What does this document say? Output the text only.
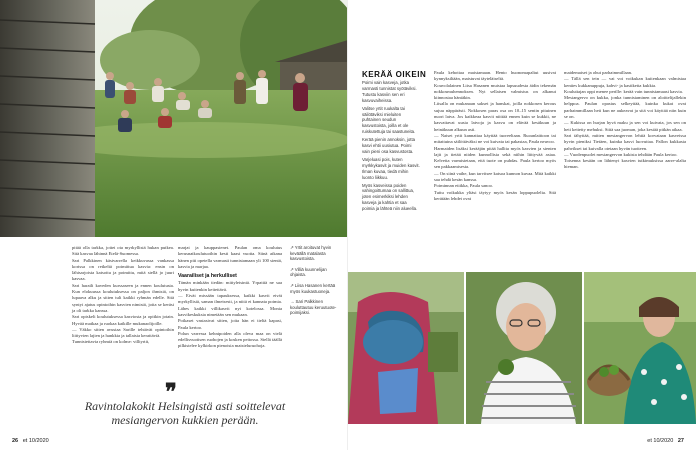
pitää olla tarkka, jottei ota myrkyllistä hukan putkea. Sitä kasvaa lähinnä Etelä-Suomessa.

Sari Palkkinen käsivarrella keikkuvassa vankassa korissa on retkeltä poimittua kasvia: ensin on lähisarjoista katsottu ja poimittu, mitä siellä jo juuri kasvaa.

Sari haraili kaveden kurssaseen ja ennen koulutusta. Kun elokuussa koulutuksessa on paljon ihmisiä, on lupaava alku ja sitten tuli kaikki ryhmän edelle. Sitä syntyi ajatus opintoihin kasvien nimistä, joita se keräsi ja oli tarkka kanssa.

Sari opiskeli koulutuksessa kasviosta ja opitkin jotain. Hyvää matkaa ja ruokaa kaikille mukanaolijoille.

— Väkko sitten avustaa Sarille tehtävät opintoihin liittyvien lajien ja hankkia ja tallaisia kerattäviä.

Tunnistettavia ryhmiä on kolme: villiyrtit,

marjat ja kauppasienet. Paulan oma koulutus kerusnatkoulutuoihin kesti kaasi vuotta. Siinä aikana hänen piti opetella varmasti tunnistamaan yli 100 sientä, kasvia ja marjaa.

Vaarailiset ja herkulliset

Tämän minkään tiedän: mittyleisintä. Yrpattiä ne saa hyvin kuitenkin keitettävä.

— Eivät missään tapauksessa, kaikki kasvit eivät myrkyllisiä, saman ilmeisesti, ja niitä ei kannata poimia. Lähes kaikki villikasvit nyt kotelossa. Monia kasvikeskuksia nimetään sen mukaan.

Poikaset vastasivat sitten, joita hän ei tieltä kapasi, Paula kertoo.

Polun varressa kehnipoiden alla oleva maa on vielä edellisvuotisen ruohojen ja kosken peitossa. Siellä täällä pilkistelee kylkirkon pienoisia maisteluruohoja.

↗ Yrtit aroituvat hyvin keväällä matalasta kasvustoista.
↗ Villiä kuunnelijan ohjaista.
↗ Liisa Hasanen kertää myös kuukastuoneja.
→ Sari Palkkinen kouluttautuu keruutuote-poimijaksi.
❞
Ravintolakokit Helsingistä asti soittelevat mesiangervon kukkien perään.
26 et 10/2020
KERÄÄ OIKEIN

Poimi vain kasveja, jotka varmasti tunnistat syötäviksi. Tutustu kasviin sen eri kasvuvaiheissa.

Valitse yrtit ruukalta tai säilötäviksi mieluiten puhtainen seudun kasvustoista, joilla et ole ruiskutettuja tai saastuneita.

Kerää pienin annoksin, jotta kasvi ehtii uusiutua. Poimi vain pieni osa kasvustosta.

Varjeluasi pois, kuten myrkkykasvit ja muiden kasvit. Ilman kuvaa, tiedä mihin luonto liikkuu.

Myös kasveissa poiden vahingoittumaa on sallittua, joten esimerkiksi lehden kasveja ja kahtia et saa poimia ja lähteä niin alueella.

Paula kehottaa maistamaan. Hento huonomapaltut uusivat kynnyksiltään, maistuvat täyteläiseltä.

Kouvolalainen Liisa Hasanen muistaa lapsuudesta äidin tekemän nokkosmuhennoksen. Nyt sellaisen valmistus on alkanut kiinnostaa häntäkin.

Liisalla on mukanaan sakset ja hanskat, joilla nokkosen kerous sujuu näppärästi. Nokkosen paras osa on 10–15 sentin pituinen nuori latva. Jos kaikkeaa kasvit niittää ennen kuin se kukkii, ne kasvattavat uusia latvoja ja kasvu on elävää kesäkuun ja heinäkuun alkuun asti.

— Naiset yrtit kannattaa käyttää tuoreeltaan. Ruoanlaittoon tai mitattuina säilöttäväksi ne voi kuivata tai pakastaa, Paula neuvoo.

Harmaiden lisäksi kerääjän pitää hallita myös kasvien ja sienten lajit ja tietää niiden kunnollisia sekä niihin liittyvää asiaa. Kelvetta varmistetaan, että tuote on puhdas. Paula kertoo myös sen pakkaamisesta.

— On siinä vaihe, kun tarvitsee katsoa kunnon kuvaa. Mitä kaikki saa tehdä kesän kanssa.

Poiminnan etiikka, Paula sanoo.

Tuttu voikukka yltäsi täytyy myös kesän loppupuolelta. Sitä kerätään lehdet ovat

maidemaiset ja ohut parhaimmillaan.

— Tällä sen tein — vai voi voikukan kuitenkaan valmistaa kenties kukkanuppuja, kahvi- ja kastiketta kukkia.

Kouluttajan oppi menee perille: kerää vain tunnistamaasi kasvia.

Mesiangervo on kukka, jonka tunnistaminen on aloittelijallekin helppoa. Paulan opastus selkeyttää, kuinka kukat ovat parhaimmillaan heti kun ne aukeavat ja sitä voi käyttää niin kuin se on.

— Kukissa on hurjan hyvä maku ja sen voi kuivata, jos sen on heti keitetty mehuksi. Siitä saa juoman, joka kestää pitkän aikaa.

Sari tähyttää, mitten mesiangervon lehtiä korvataan kasveissa hyvin pieniksi Tietäen, kuinka kasvi luovuttaa. Pallon kukkasta pahvikset tai kuivalla otetaan hyvän tuotteen.

— Vuodenpuolet mesiangervon kukista tehdään Paula kertoo.

Toisenna kesään on lähtenyt kasvien tutkimuksissa aarre-alalta hieman.

et 10/2020 27
